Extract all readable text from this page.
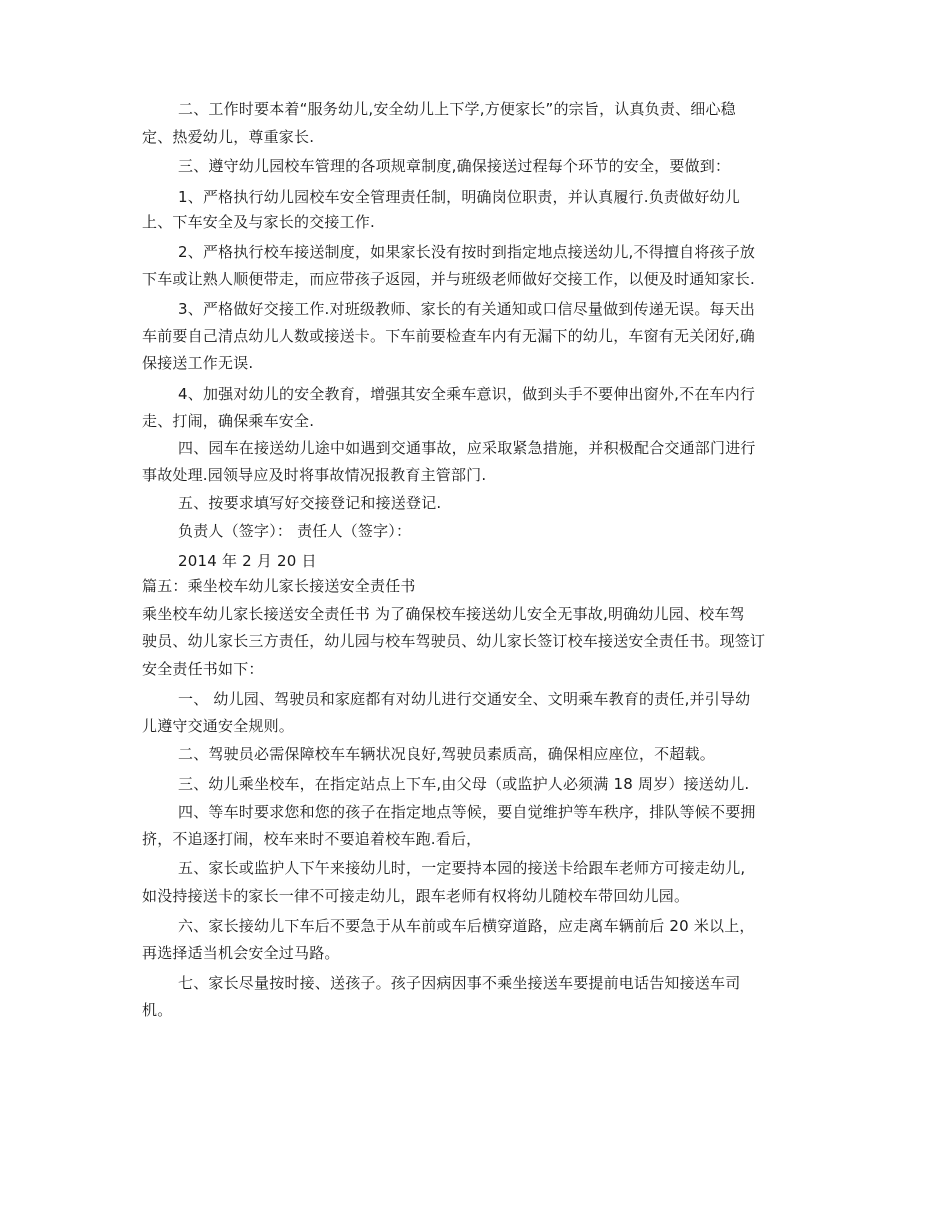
二、工作时要本着“服务幼儿,安全幼儿上下学,方便家长”的宗旨，认真负责、细心稳
定、热爱幼儿，尊重家长.
三、遵守幼儿园校车管理的各项规章制度,确保接送过程每个环节的安全，要做到：
1、严格执行幼儿园校车安全管理责任制，明确岗位职责，并认真履行.负责做好幼儿
上、下车安全及与家长的交接工作.
2、严格执行校车接送制度，如果家长没有按时到指定地点接送幼儿,不得擅自将孩子放
下车或让熟人顺便带走，而应带孩子返园，并与班级老师做好交接工作，以便及时通知家长.
3、严格做好交接工作.对班级教师、家长的有关通知或口信尽量做到传递无误。每天出
车前要自己清点幼儿人数或接送卡。下车前要检查车内有无漏下的幼儿，车窗有无关闭好,确
保接送工作无误.
4、加强对幼儿的安全教育，增强其安全乘车意识，做到头手不要伸出窗外,不在车内行
走、打闹，确保乘车安全.
四、园车在接送幼儿途中如遇到交通事故，应采取紧急措施，并积极配合交通部门进行
事故处理.园领导应及时将事故情况报教育主管部门.
五、按要求填写好交接登记和接送登记.
负责人（签字）： 责任人（签字）：
2014 年 2 月 20 日
篇五：乘坐校车幼儿家长接送安全责任书
乘坐校车幼儿家长接送安全责任书 为了确保校车接送幼儿安全无事故,明确幼儿园、校车驾
驶员、幼儿家长三方责任，幼儿园与校车驾驶员、幼儿家长签订校车接送安全责任书。现签订
安全责任书如下：
一、 幼儿园、驾驶员和家庭都有对幼儿进行交通安全、文明乘车教育的责任,并引导幼
儿遵守交通安全规则。
二、驾驶员必需保障校车车辆状况良好,驾驶员素质高，确保相应座位，不超载。
三、幼儿乘坐校车，在指定站点上下车,由父母（或监护人必须满 18 周岁）接送幼儿.
四、等车时要求您和您的孩子在指定地点等候，要自觉维护等车秩序，排队等候不要拥
挤，不追逐打闹，校车来时不要追着校车跑.看后，
五、家长或监护人下午来接幼儿时，一定要持本园的接送卡给跟车老师方可接走幼儿,
如没持接送卡的家长一律不可接走幼儿，跟车老师有权将幼儿随校车带回幼儿园。
六、家长接幼儿下车后不要急于从车前或车后横穿道路，应走离车辆前后 20 米以上，
再选择适当机会安全过马路。
七、家长尽量按时接、送孩子。孩子因病因事不乘坐接送车要提前电话告知接送车司
机。
